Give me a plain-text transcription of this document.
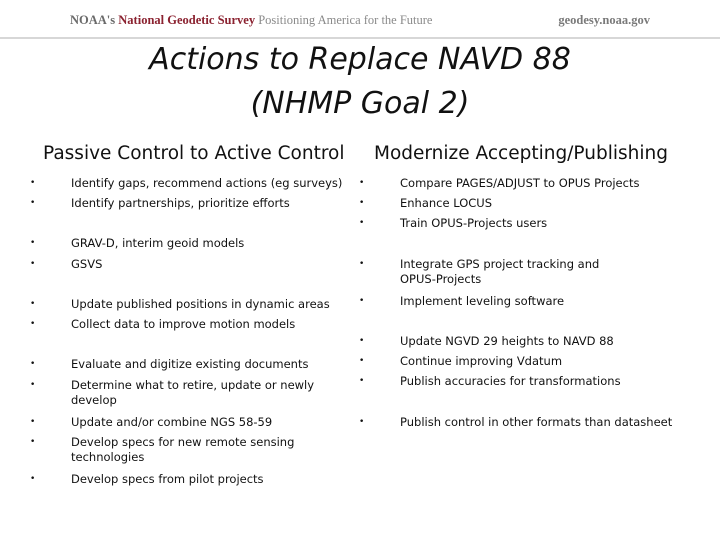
NOAA's National Geodetic Survey Positioning America for the Future	geodesy.noaa.gov
Actions to Replace NAVD 88
(NHMP Goal 2)
Passive Control to Active Control Modernize Accepting/Publishing
•	Identify gaps, recommend actions (eg surveys)
•	Identify partnerships, prioritize efforts
•	GRAV-D, interim geoid models
•	GSVS
•	Update published positions in dynamic areas
•	Collect data to improve motion models
•	Evaluate and digitize existing documents
•	Determine what to retire, update or newly develop
•	Update and/or combine NGS 58-59
•	Develop specs for new remote sensing technologies
•	Develop specs from pilot projects
•	Compare PAGES/ADJUST to OPUS Projects
•	Enhance LOCUS
•	Train OPUS-Projects users
•	Integrate GPS project tracking and OPUS-Projects
•	Implement leveling software
•	Update NGVD 29 heights to NAVD 88
•	Continue improving Vdatum
•	Publish accuracies for transformations
•	Publish control in other formats than datasheet
